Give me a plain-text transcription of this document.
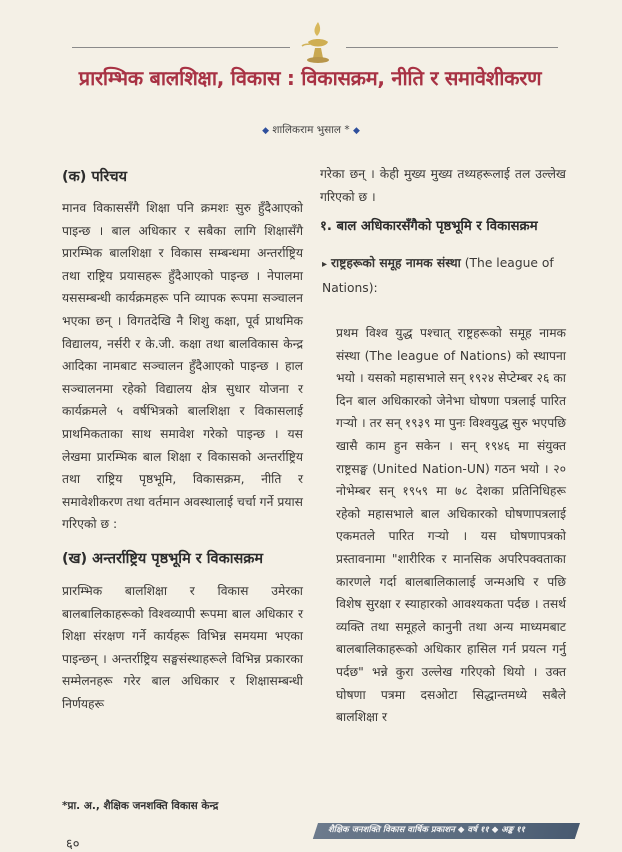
प्रारम्भिक बालशिक्षा, विकास : विकासक्रम, नीति र समावेशीकरण
◆ शालिकराम भुसाल * ◆
(क) परिचय

मानव विकाससँगै शिक्षा पनि क्रमशः सुरु हुँदैआएको पाइन्छ । बाल अधिकार र सबैका लागि शिक्षासँगै प्रारम्भिक बालशिक्षा र विकास सम्बन्धमा अन्तर्राष्ट्रिय तथा राष्ट्रिय प्रयासहरू हुँदैआएको पाइन्छ । नेपालमा यससम्बन्धी कार्यक्रमहरू पनि व्यापक रूपमा सञ्चालन भएका छन् । विगतदेखि नै शिशु कक्षा, पूर्व प्राथमिक विद्यालय, नर्सरी र के.जी. कक्षा तथा बालविकास केन्द्र आदिका नामबाट सञ्चालन हुँदैआएको पाइन्छ । हाल सञ्चालनमा रहेको विद्यालय क्षेत्र सुधार योजना र कार्यक्रमले ५ वर्षभित्रको बालशिक्षा र विकासलाई प्राथमिकताका साथ समावेश गरेको पाइन्छ । यस लेखमा प्रारम्भिक बाल शिक्षा र विकासको अन्तर्राष्ट्रिय तथा राष्ट्रिय पृष्ठभूमि, विकासक्रम, नीति र समावेशीकरण तथा वर्तमान अवस्थालाई चर्चा गर्ने प्रयास गरिएको छ :

(ख) अन्तर्राष्ट्रिय पृष्ठभूमि र विकासक्रम

प्रारम्भिक बालशिक्षा र विकास उमेरका बालबालिकाहरूको विश्वव्यापी रूपमा बाल अधिकार र शिक्षा संरक्षण गर्ने कार्यहरू विभिन्न समयमा भएका पाइन्छन् । अन्तर्राष्ट्रिय सङ्घसंस्थाहरूले विभिन्न प्रकारका सम्मेलनहरू गरेर बाल अधिकार र शिक्षासम्बन्धी निर्णयहरू

*प्रा. अ., शैक्षिक जनशक्ति विकास केन्द्र

गरेका छन् । केही मुख्य मुख्य तथ्यहरूलाई तल उल्लेख गरिएको छ ।

१. बाल अधिकारसँगैको पृष्ठभूमि र विकासक्रम
▸ राष्ट्रहरूको समूह नामक संस्था (The league of Nations):

प्रथम विश्व युद्ध पश्चात् राष्ट्रहरूको समूह नामक संस्था (The league of Nations) को स्थापना भयो । यसको महासभाले सन् १९२४ सेप्टेम्बर २६ का दिन बाल अधिकारको जेनेभा घोषणा पत्रलाई पारित गऱ्यो । तर सन् १९३९ मा पुनः विश्वयुद्ध सुरु भएपछि खासै काम हुन सकेन । सन् १९४६ मा संयुक्त राष्ट्रसङ्घ (United Nation-UN) गठन भयो । २० नोभेम्बर सन् १९५९ मा ७८ देशका प्रतिनिधिहरू रहेको महासभाले बाल अधिकारको घोषणापत्रलाई एकमतले पारित गऱ्यो । यस घोषणापत्रको प्रस्तावनामा "शारीरिक र मानसिक अपरिपक्वताका कारणले गर्दा बालबालिकालाई जन्मअघि र पछि विशेष सुरक्षा र स्याहारको आवश्यकता पर्दछ । तसर्थ व्यक्ति तथा समूहले कानुनी तथा अन्य माध्यमबाट बालबालिकाहरूको अधिकार हासिल गर्न प्रयत्न गर्नु पर्दछ" भन्ने कुरा उल्लेख गरिएको थियो । उक्त घोषणा पत्रमा दसओटा सिद्धान्तमध्ये सबैले बालशिक्षा र

६०
शैक्षिक जनशक्ति विकास वार्षिक प्रकाशन ◆ वर्ष ११ ◆ अङ्क ११
